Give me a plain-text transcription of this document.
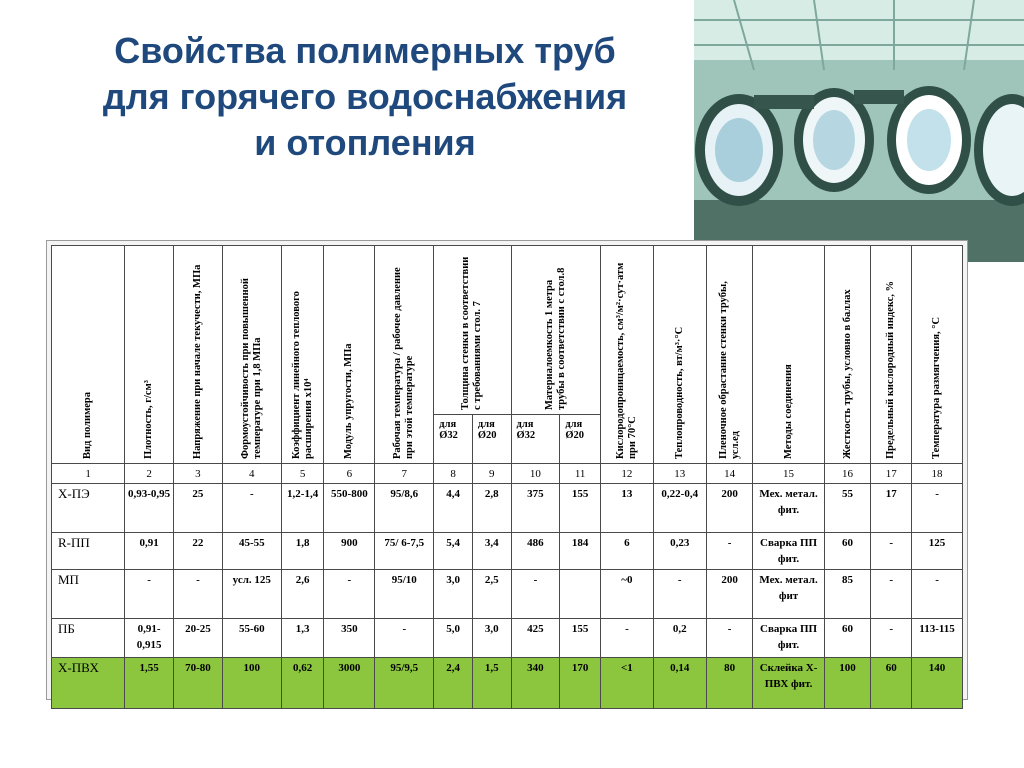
Свойства полимерных труб
для горячего водоснабжения
и отопления
Вид полимера	Плотность, г/см³	Напряжение при начале текучести, МПа	Формоустойчивость при повышенной температуре при 1,8 МПа	Коэффициент линейного теплового расширения х10⁴	Модуль упругости, МПа	Рабочая температура / рабочее давление при этой температуре	Толщина стенки в соответствии с требованиями стол. 7		Материалоемкость 1 метра трубы в соответствии с стол.8		Кислородопроницаемость, см³/м²·сут·атм при 70°С	Теплопроводность, вт/м³·°С	Пленочное обрастание стенки трубы, усл.ед	Методы соединения	Жесткость трубы, условно в баллах	Предельный кислородный индекс, %	Температура размягчения, °С

							для Ø32	для Ø20	для Ø32	для Ø20							
1	2	3	4	5	6	7	8	9	10	11	12	13	14	15	16	17	18
Х-ПЭ	0,93-0,95	25	-	1,2-1,4	550-800	95/8,6	4,4	2,8	375	155	13	0,22-0,4	200	Мех. метал. фит.	55	17	-
R-ПП	0,91	22	45-55	1,8	900	75/ 6-7,5	5,4	3,4	486	184	6	0,23	-	Сварка ПП фит.	60	-	125
МП	-	-	усл. 125	2,6	-	95/10	3,0	2,5	-		~0	-	200	Мех. метал. фит	85	-	-
ПБ	0,91-0,915	20-25	55-60	1,3	350	-	5,0	3,0	425	155	-	0,2	-	Сварка ПП фит.	60	-	113-115
Х-ПВХ	1,55	70-80	100	0,62	3000	95/9,5	2,4	1,5	340	170	<1	0,14	80	Склейка Х-ПВХ фит.	100	60	140
